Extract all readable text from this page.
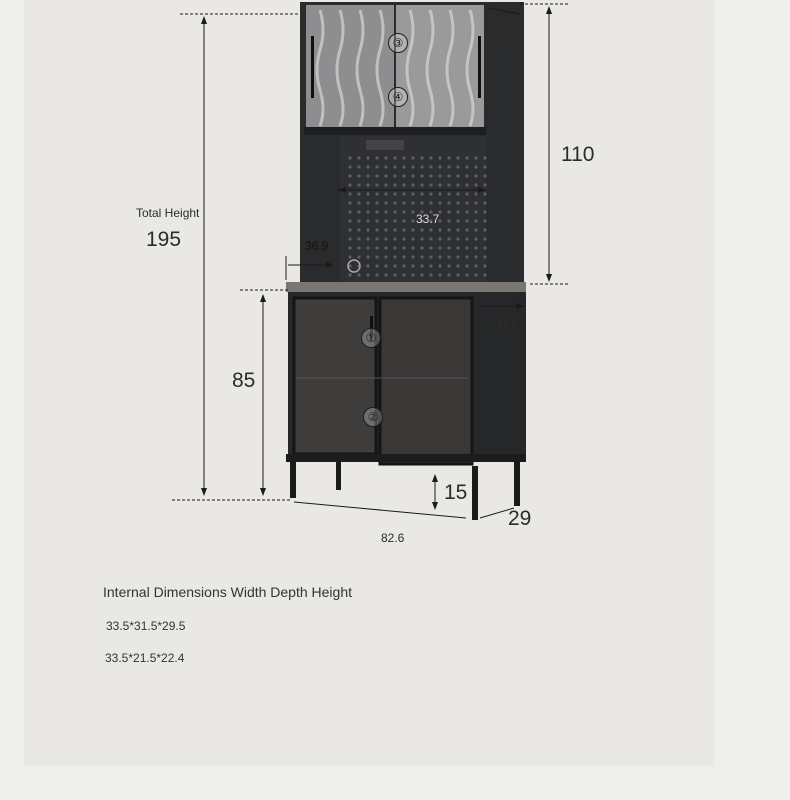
Total Height
195
110
28
33.7
36.9
40
85
15
29
82.6
①
②
③
④
Internal Dimensions Width Depth Height
33.5*31.5*29.5
33.5*21.5*22.4
